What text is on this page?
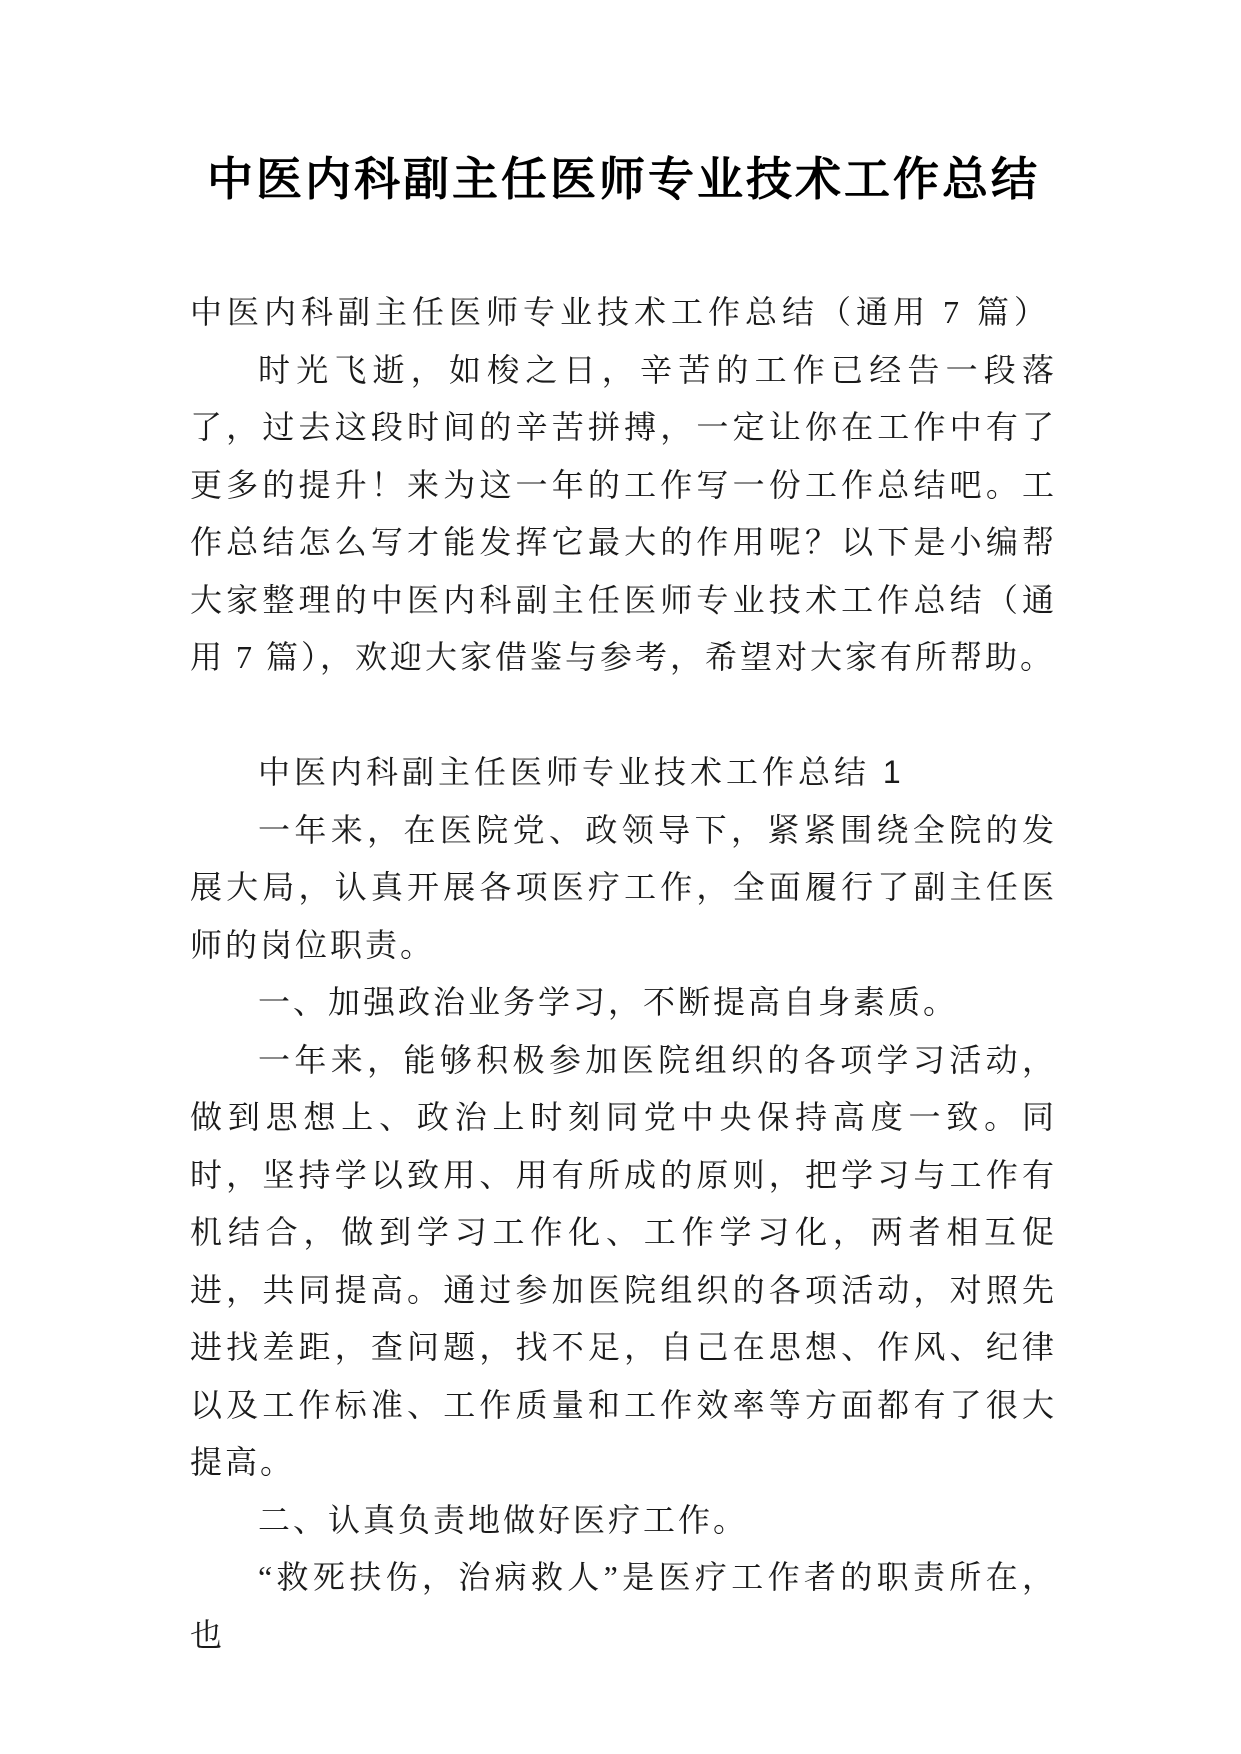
中医内科副主任医师专业技术工作总结

中医内科副主任医师专业技术工作总结（通用 7 篇）

时光飞逝，如梭之日，辛苦的工作已经告一段落了，过去这段时间的辛苦拼搏，一定让你在工作中有了更多的提升！来为这一年的工作写一份工作总结吧。工作总结怎么写才能发挥它最大的作用呢？以下是小编帮大家整理的中医内科副主任医师专业技术工作总结（通用 7 篇），欢迎大家借鉴与参考，希望对大家有所帮助。

中医内科副主任医师专业技术工作总结 1

一年来，在医院党、政领导下，紧紧围绕全院的发展大局，认真开展各项医疗工作，全面履行了副主任医师的岗位职责。

一、加强政治业务学习，不断提高自身素质。

一年来，能够积极参加医院组织的各项学习活动，做到思想上、政治上时刻同党中央保持高度一致。同时，坚持学以致用、用有所成的原则，把学习与工作有机结合，做到学习工作化、工作学习化，两者相互促进，共同提高。通过参加医院组织的各项活动，对照先进找差距，查问题，找不足，自己在思想、作风、纪律以及工作标准、工作质量和工作效率等方面都有了很大提高。

二、认真负责地做好医疗工作。

“救死扶伤，治病救人”是医疗工作者的职责所在，也
